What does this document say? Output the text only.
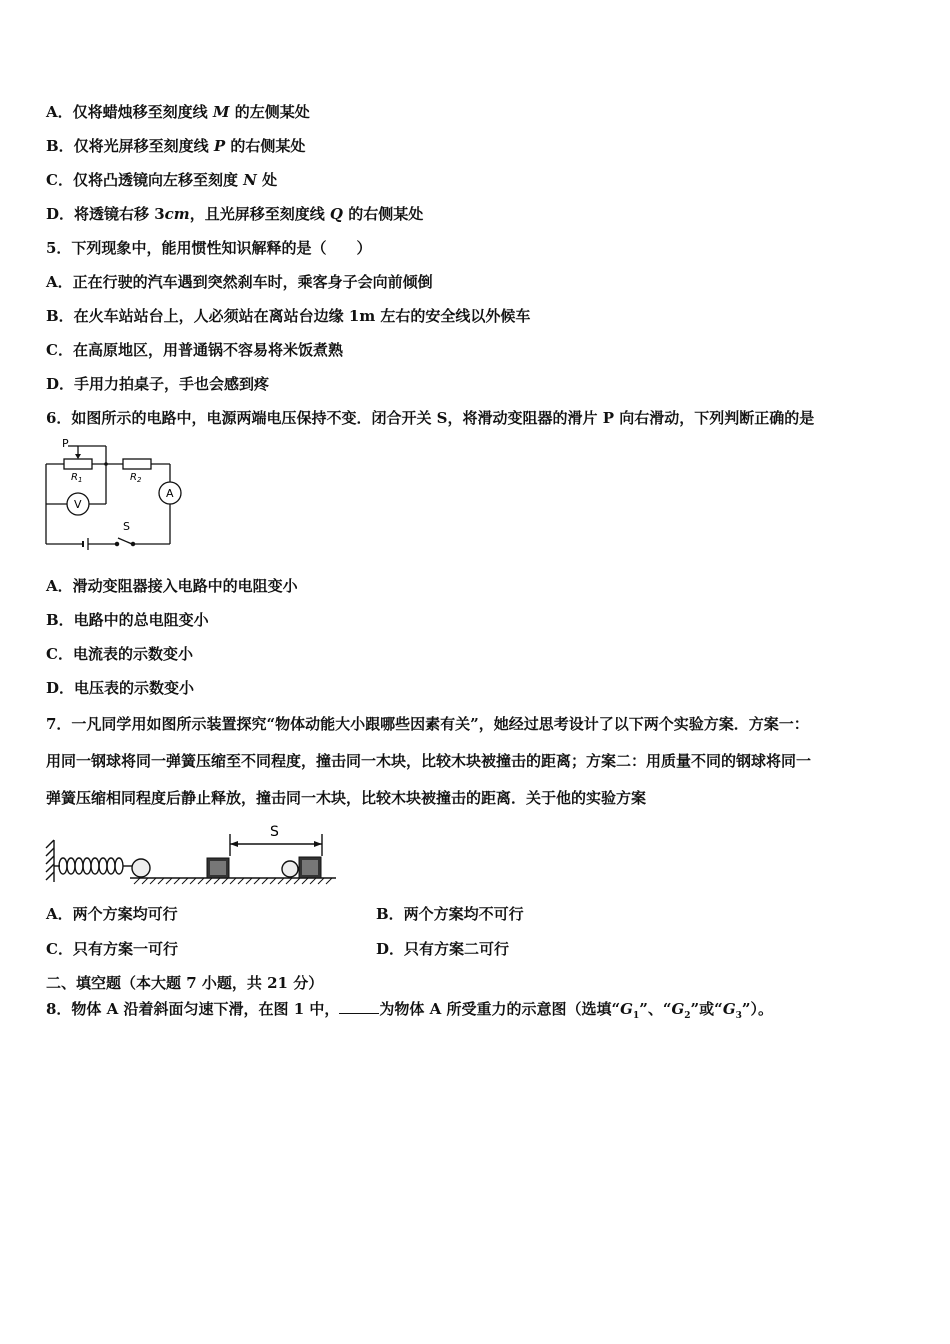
A．仅将蜡烛移至刻度线 M 的左侧某处
B．仅将光屏移至刻度线 P 的右侧某处
C．仅将凸透镜向左移至刻度 N 处
D．将透镜右移 3cm，且光屏移至刻度线 Q 的右侧某处
5．下列现象中，能用惯性知识解释的是（　　）
A．正在行驶的汽车遇到突然刹车时，乘客身子会向前倾倒
B．在火车站站台上，人必须站在离站台边缘 1m 左右的安全线以外候车
C．在高原地区，用普通锅不容易将米饭煮熟
D．手用力拍桌子，手也会感到疼
6．如图所示的电路中，电源两端电压保持不变．闭合开关 S，将滑动变阻器的滑片 P 向右滑动，下列判断正确的是
P
$R_1$	$R_2$
V
A
S
A．滑动变阻器接入电路中的电阻变小
B．电路中的总电阻变小
C．电流表的示数变小
D．电压表的示数变小
7．一凡同学用如图所示装置探究“物体动能大小跟哪些因素有关”，她经过思考设计了以下两个实验方案．方案一：
用同一钢球将同一弹簧压缩至不同程度，撞击同一木块，比较木块被撞击的距离；方案二：用质量不同的钢球将同一
弹簧压缩相同程度后静止释放，撞击同一木块，比较木块被撞击的距离．关于他的实验方案
S
A．两个方案均可行	B．两个方案均不可行
C．只有方案一可行	D．只有方案二可行
二、填空题（本大题 7 小题，共 21 分）
8．物体 A 沿着斜面匀速下滑，在图 1 中，	为物体 A 所受重力的示意图（选填“$G_1$”、“$G_2$”或“$G_3$”）。
